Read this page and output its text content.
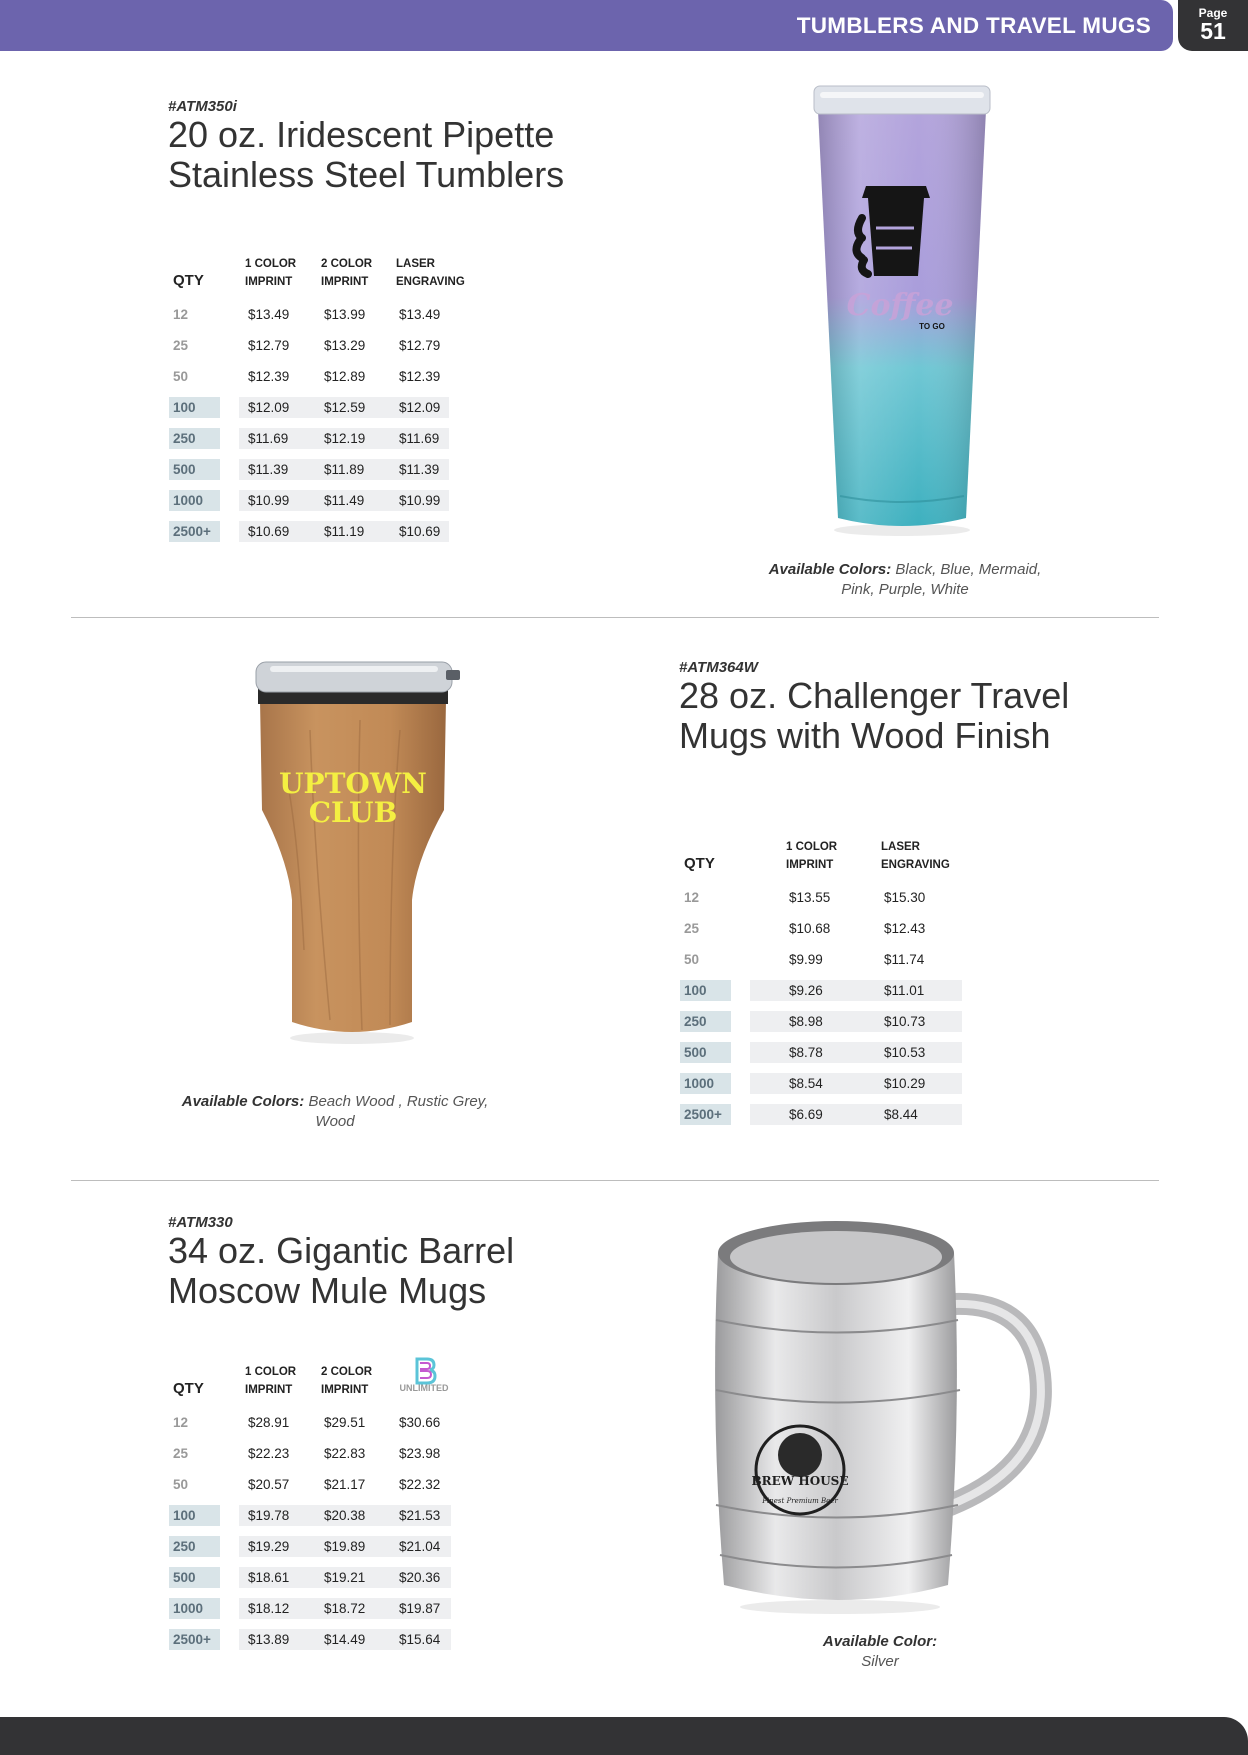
TUMBLERS AND TRAVEL MUGS	Page
51
#ATM350i
20 oz. Iridescent Pipette
Stainless Steel Tumblers
QTY
1 COLOR
IMPRINT
2 COLOR
IMPRINT
LASER
ENGRAVING
12	$13.49	$13.99 $13.49
25	$12.79	$13.29 $12.79
50	$12.39	$12.89 $12.39
100	$12.09	$12.59 $12.09
250	$11.69	$12.19 $11.69
500	$11.39	$11.89	$11.39
1000	$10.99	$11.49	$10.99
2500+	$10.69	$11.19	$10.69
Coffee
TO GO
Available Colors: Black, Blue, Mermaid,
Pink, Purple, White
UPTOWN
CLUB
Available Colors: Beach Wood , Rustic Grey,
Wood
#ATM364W
28 oz. Challenger Travel
Mugs with Wood Finish
QTY
1 COLOR
IMPRINT
LASER
ENGRAVING
12	$13.55	$15.30
25	$10.68	$12.43
50	$9.99	$11.74
100	$9.26	$11.01
250	$8.98	$10.73
500	$8.78	$10.53
1000	$8.54	$10.29
2500+	$6.69	$8.44
#ATM330
34 oz. Gigantic Barrel
Moscow Mule Mugs
QTY
1 COLOR
IMPRINT
2 COLOR
IMPRINT	UNLIMITED
12	$28.91	$29.51 $30.66
25	$22.23	$22.83 $23.98
50	$20.57	$21.17 $22.32
100	$19.78	$20.38 $21.53
250	$19.29	$19.89 $21.04
500	$18.61	$19.21 $20.36
1000	$18.12	$18.72 $19.87
2500+	$13.89	$14.49 $15.64
BREW HOUSE
Finest Premium Beer
Available Color:
Silver
